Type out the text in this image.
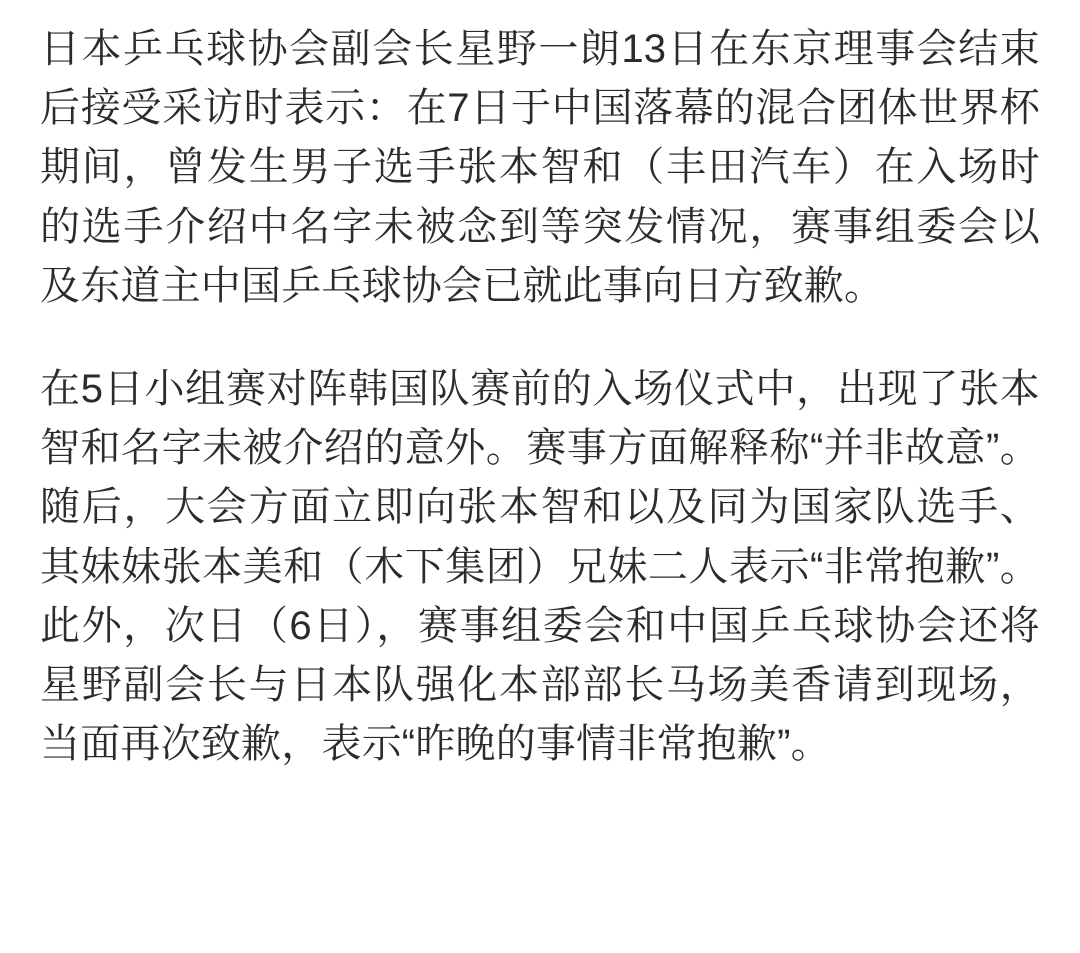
日本乒乓球协会副会长星野一朗13日在东京理事会结束后接受采访时表示：在7日于中国落幕的混合团体世界杯期间，曾发生男子选手张本智和（丰田汽车）在入场时的选手介绍中名字未被念到等突发情况，赛事组委会以及东道主中国乒乓球协会已就此事向日方致歉。

在5日小组赛对阵韩国队赛前的入场仪式中，出现了张本智和名字未被介绍的意外。赛事方面解释称“并非故意”。随后，大会方面立即向张本智和以及同为国家队选手、其妹妹张本美和（木下集团）兄妹二人表示“非常抱歉”。此外，次日（6日），赛事组委会和中国乒乓球协会还将星野副会长与日本队强化本部部长马场美香请到现场，当面再次致歉，表示“昨晚的事情非常抱歉”。
